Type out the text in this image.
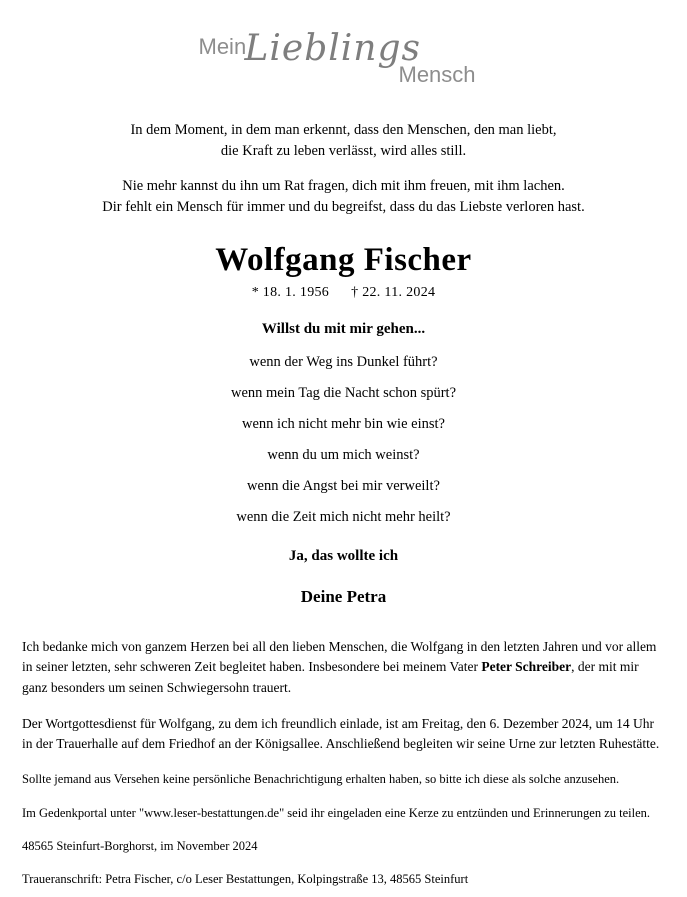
Mein
Lieblings
Mensch

In dem Moment, in dem man erkennt, dass den Menschen, den man liebt,
die Kraft zu leben verlässt, wird alles still.

Nie mehr kannst du ihn um Rat fragen, dich mit ihm freuen, mit ihm lachen.
Dir fehlt ein Mensch für immer und du begreifst, dass du das Liebste verloren hast.

Wolfgang Fischer
* 18. 1. 1956 † 22. 11. 2024
Willst du mit mir gehen...

wenn der Weg ins Dunkel führt?

wenn mein Tag die Nacht schon spürt?

wenn ich nicht mehr bin wie einst?

wenn du um mich weinst?

wenn die Angst bei mir verweilt?

wenn die Zeit mich nicht mehr heilt?

Ja, das wollte ich
Deine Petra

Ich bedanke mich von ganzem Herzen bei all den lieben Menschen, die Wolfgang in den letzten Jahren und vor allem in seiner letzten, sehr schweren Zeit begleitet haben. Insbesondere bei meinem Vater Peter Schreiber, der mit mir ganz besonders um seinen Schwiegersohn trauert.

Der Wortgottesdienst für Wolfgang, zu dem ich freundlich einlade, ist am Freitag, den 6. Dezember 2024, um 14 Uhr in der Trauerhalle auf dem Friedhof an der Königsallee. Anschließend begleiten wir seine Urne zur letzten Ruhestätte.

Sollte jemand aus Versehen keine persönliche Benachrichtigung erhalten haben, so bitte ich diese als solche anzusehen.

Im Gedenkportal unter "www.leser-bestattungen.de" seid ihr eingeladen eine Kerze zu entzünden und Erinnerungen zu teilen.

48565 Steinfurt-Borghorst, im November 2024

Traueranschrift: Petra Fischer, c/o Leser Bestattungen, Kolpingstraße 13, 48565 Steinfurt
